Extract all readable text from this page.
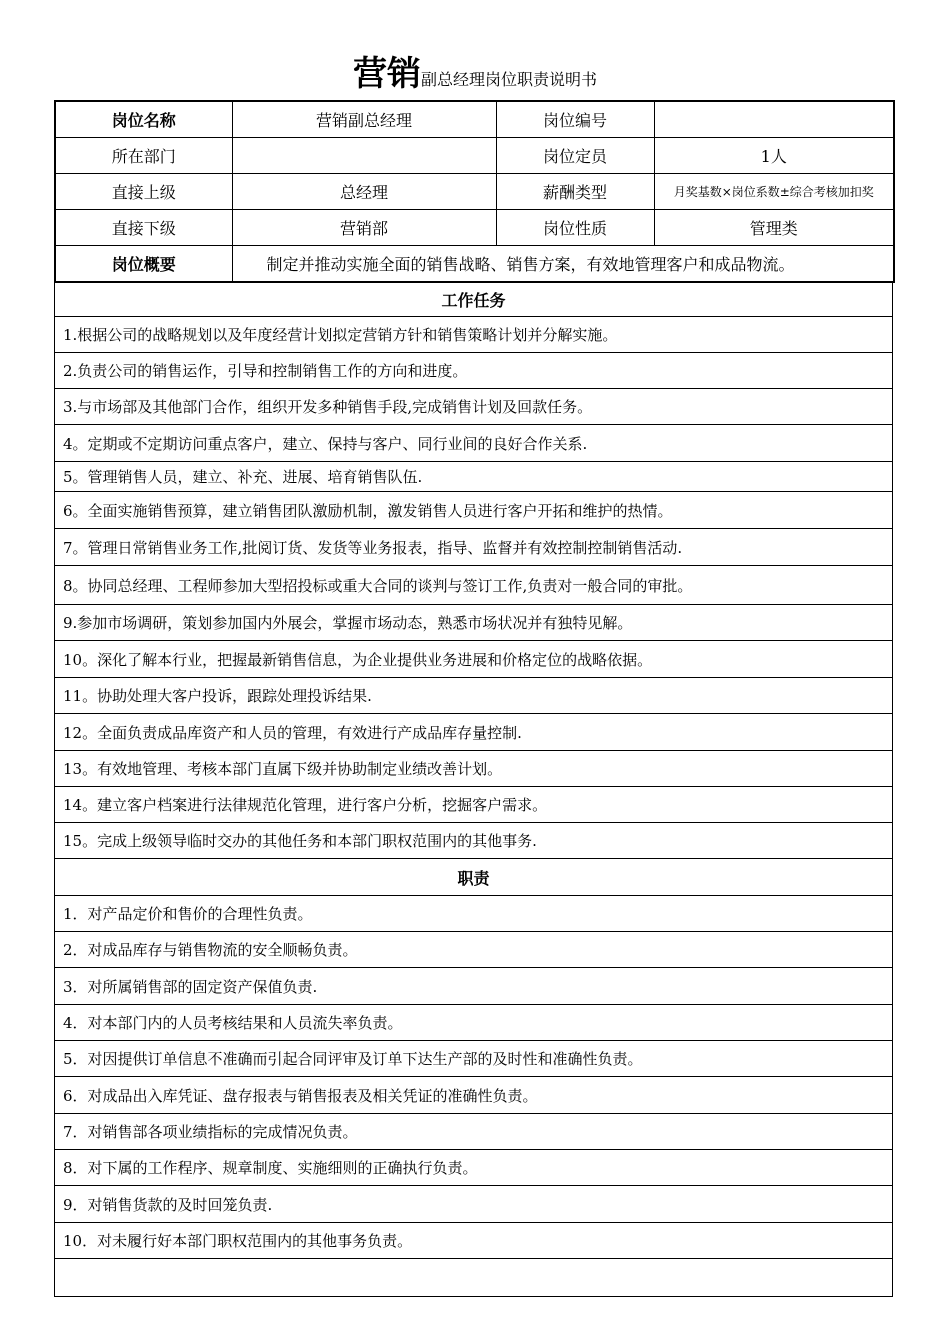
营销副总经理岗位职责说明书
岗位名称	营销副总经理	岗位编号	
所在部门		岗位定员	1人
直接上级	总经理	薪酬类型	月奖基数×岗位系数±综合考核加扣奖
直接下级	营销部	岗位性质	管理类
岗位概要	制定并推动实施全面的销售战略、销售方案，有效地管理客户和成品物流。		
工作任务
1.根据公司的战略规划以及年度经营计划拟定营销方针和销售策略计划并分解实施。
2.负责公司的销售运作，引导和控制销售工作的方向和进度。
3.与市场部及其他部门合作，组织开发多种销售手段,完成销售计划及回款任务。
4。定期或不定期访问重点客户，建立、保持与客户、同行业间的良好合作关系.
5。管理销售人员，建立、补充、进展、培育销售队伍.
6。全面实施销售预算，建立销售团队激励机制，激发销售人员进行客户开拓和维护的热情。
7。管理日常销售业务工作,批阅订货、发货等业务报表，指导、监督并有效控制控制销售活动.
8。协同总经理、工程师参加大型招投标或重大合同的谈判与签订工作,负责对一般合同的审批。
9.参加市场调研，策划参加国内外展会，掌握市场动态，熟悉市场状况并有独特见解。
10。深化了解本行业，把握最新销售信息，为企业提供业务进展和价格定位的战略依据。
11。协助处理大客户投诉，跟踪处理投诉结果.
12。全面负责成品库资产和人员的管理，有效进行产成品库存量控制.
13。有效地管理、考核本部门直属下级并协助制定业绩改善计划。
14。建立客户档案进行法律规范化管理，进行客户分析，挖掘客户需求。
15。完成上级领导临时交办的其他任务和本部门职权范围内的其他事务.
职责
1．对产品定价和售价的合理性负责。
2．对成品库存与销售物流的安全顺畅负责。
3．对所属销售部的固定资产保值负责.
4．对本部门内的人员考核结果和人员流失率负责。
5．对因提供订单信息不准确而引起合同评审及订单下达生产部的及时性和准确性负责。
6．对成品出入库凭证、盘存报表与销售报表及相关凭证的准确性负责。
7．对销售部各项业绩指标的完成情况负责。
8．对下属的工作程序、规章制度、实施细则的正确执行负责。
9．对销售货款的及时回笼负责.
10．对未履行好本部门职权范围内的其他事务负责。
